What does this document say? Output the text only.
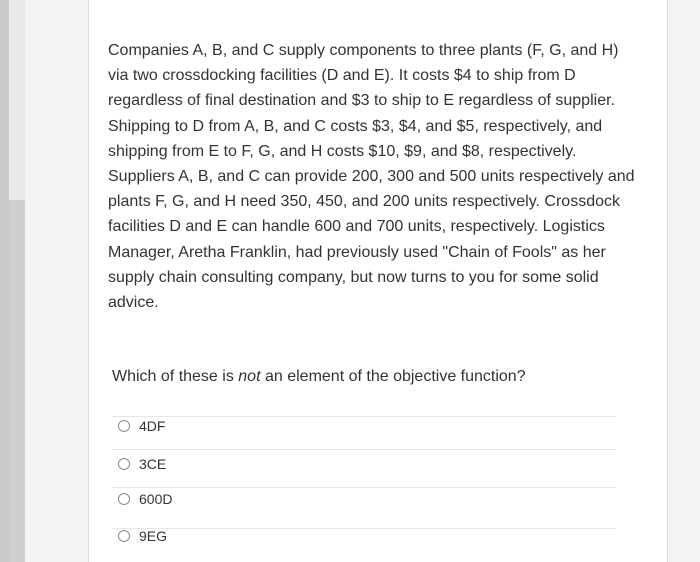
Companies A, B, and C supply components to three plants (F, G, and H)
via two crossdocking facilities (D and E). It costs $4 to ship from D
regardless of final destination and $3 to ship to E regardless of supplier.
Shipping to D from A, B, and C costs $3, $4, and $5, respectively, and
shipping from E to F, G, and H costs $10, $9, and $8, respectively.
Suppliers A, B, and C can provide 200, 300 and 500 units respectively and
plants F, G, and H need 350, 450, and 200 units respectively. Crossdock
facilities D and E can handle 600 and 700 units, respectively. Logistics
Manager, Aretha Franklin, had previously used "Chain of Fools" as her
supply chain consulting company, but now turns to you for some solid
advice.

Which of these is not an element of the objective function?

4DF
3CE
600D
9EG
